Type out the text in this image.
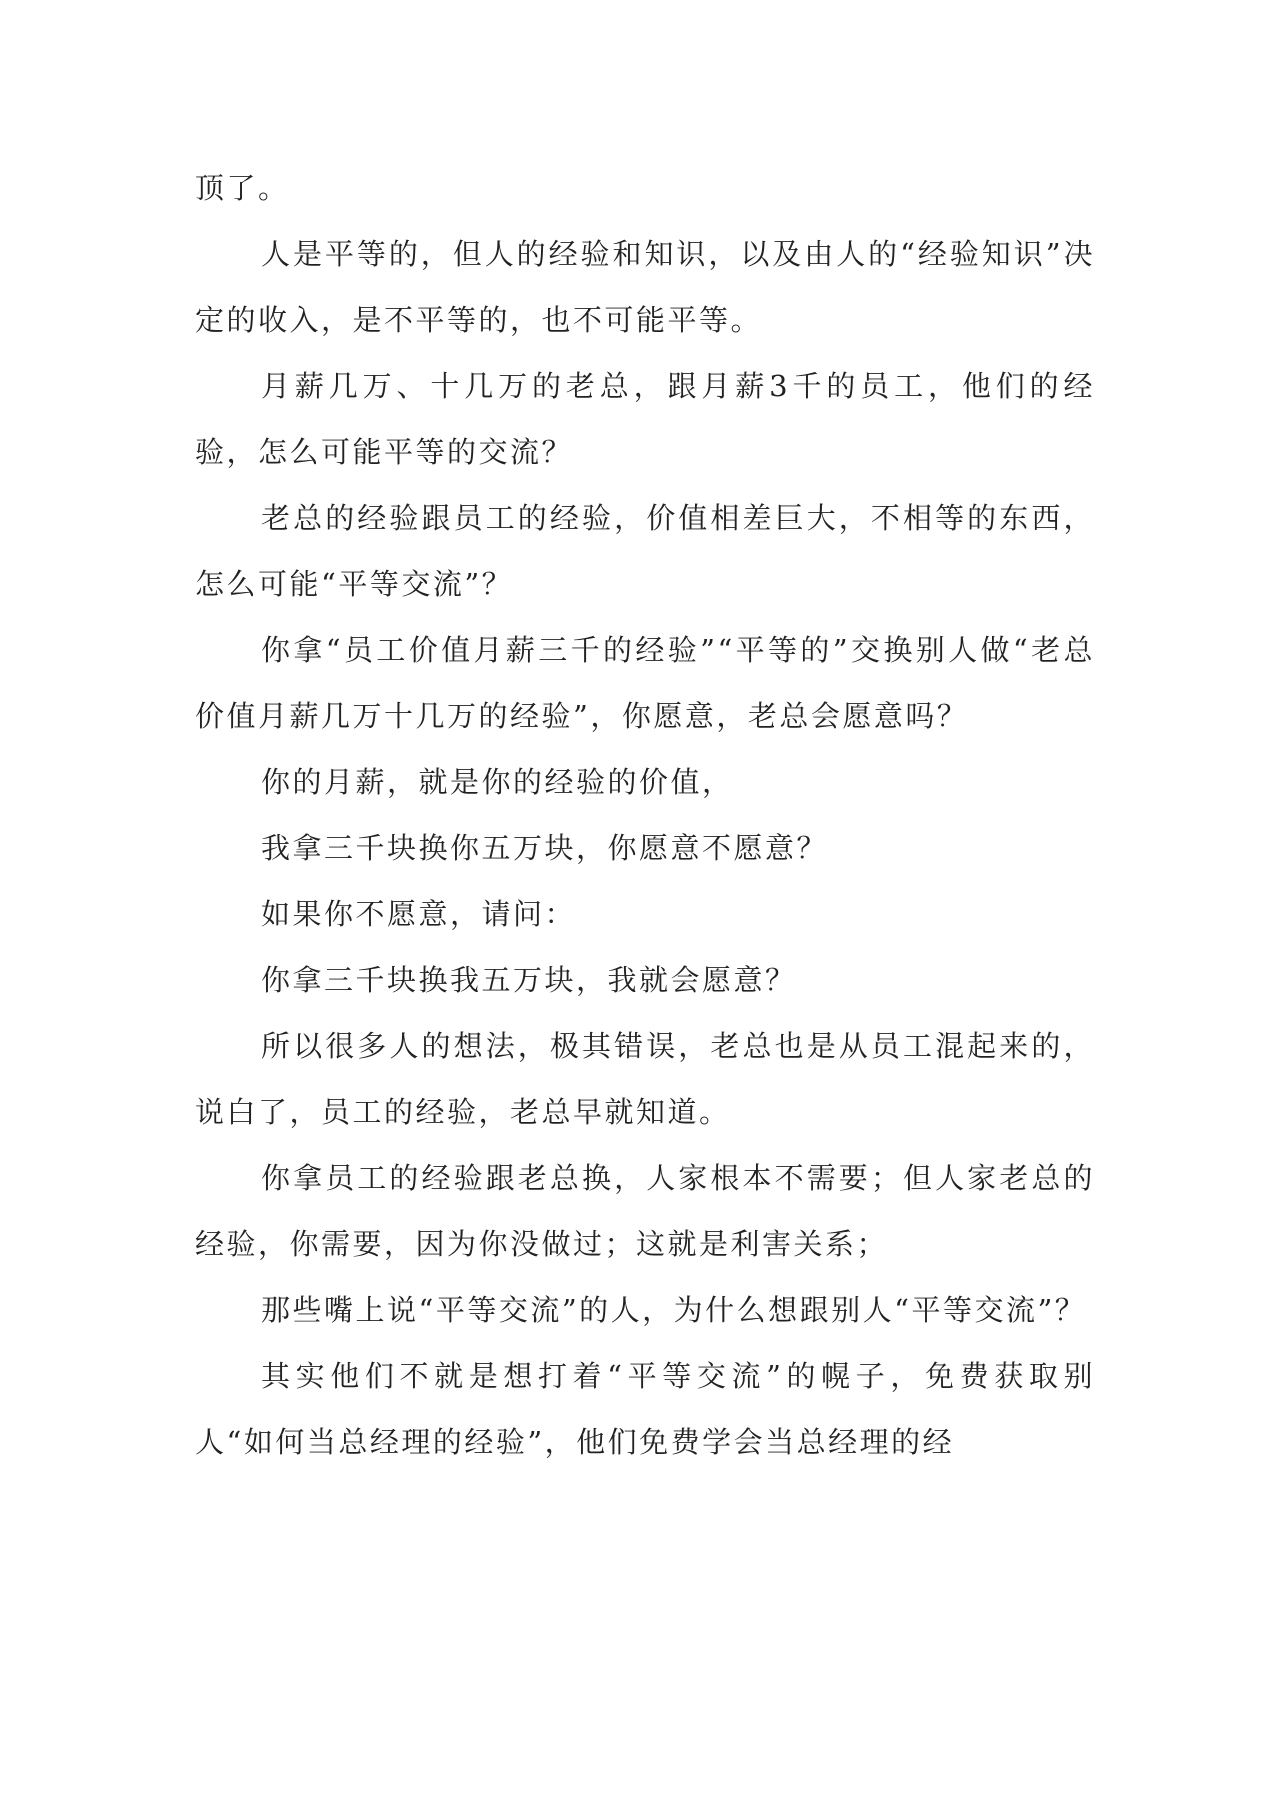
顶了。

人是平等的，但人的经验和知识，以及由人的“经验知识”决定的收入，是不平等的，也不可能平等。

月薪几万、十几万的老总，跟月薪3千的员工，他们的经验，怎么可能平等的交流？

老总的经验跟员工的经验，价值相差巨大，不相等的东西，怎么可能“平等交流”？

你拿“员工价值月薪三千的经验”“平等的”交换别人做“老总价值月薪几万十几万的经验”，你愿意，老总会愿意吗？

你的月薪，就是你的经验的价值，

我拿三千块换你五万块，你愿意不愿意？

如果你不愿意，请问：

你拿三千块换我五万块，我就会愿意？

所以很多人的想法，极其错误，老总也是从员工混起来的，说白了，员工的经验，老总早就知道。

你拿员工的经验跟老总换，人家根本不需要；但人家老总的经验，你需要，因为你没做过；这就是利害关系；

那些嘴上说“平等交流”的人，为什么想跟别人“平等交流”？

其实他们不就是想打着“平等交流”的幌子，免费获取别人“如何当总经理的经验”，他们免费学会当总经理的经
